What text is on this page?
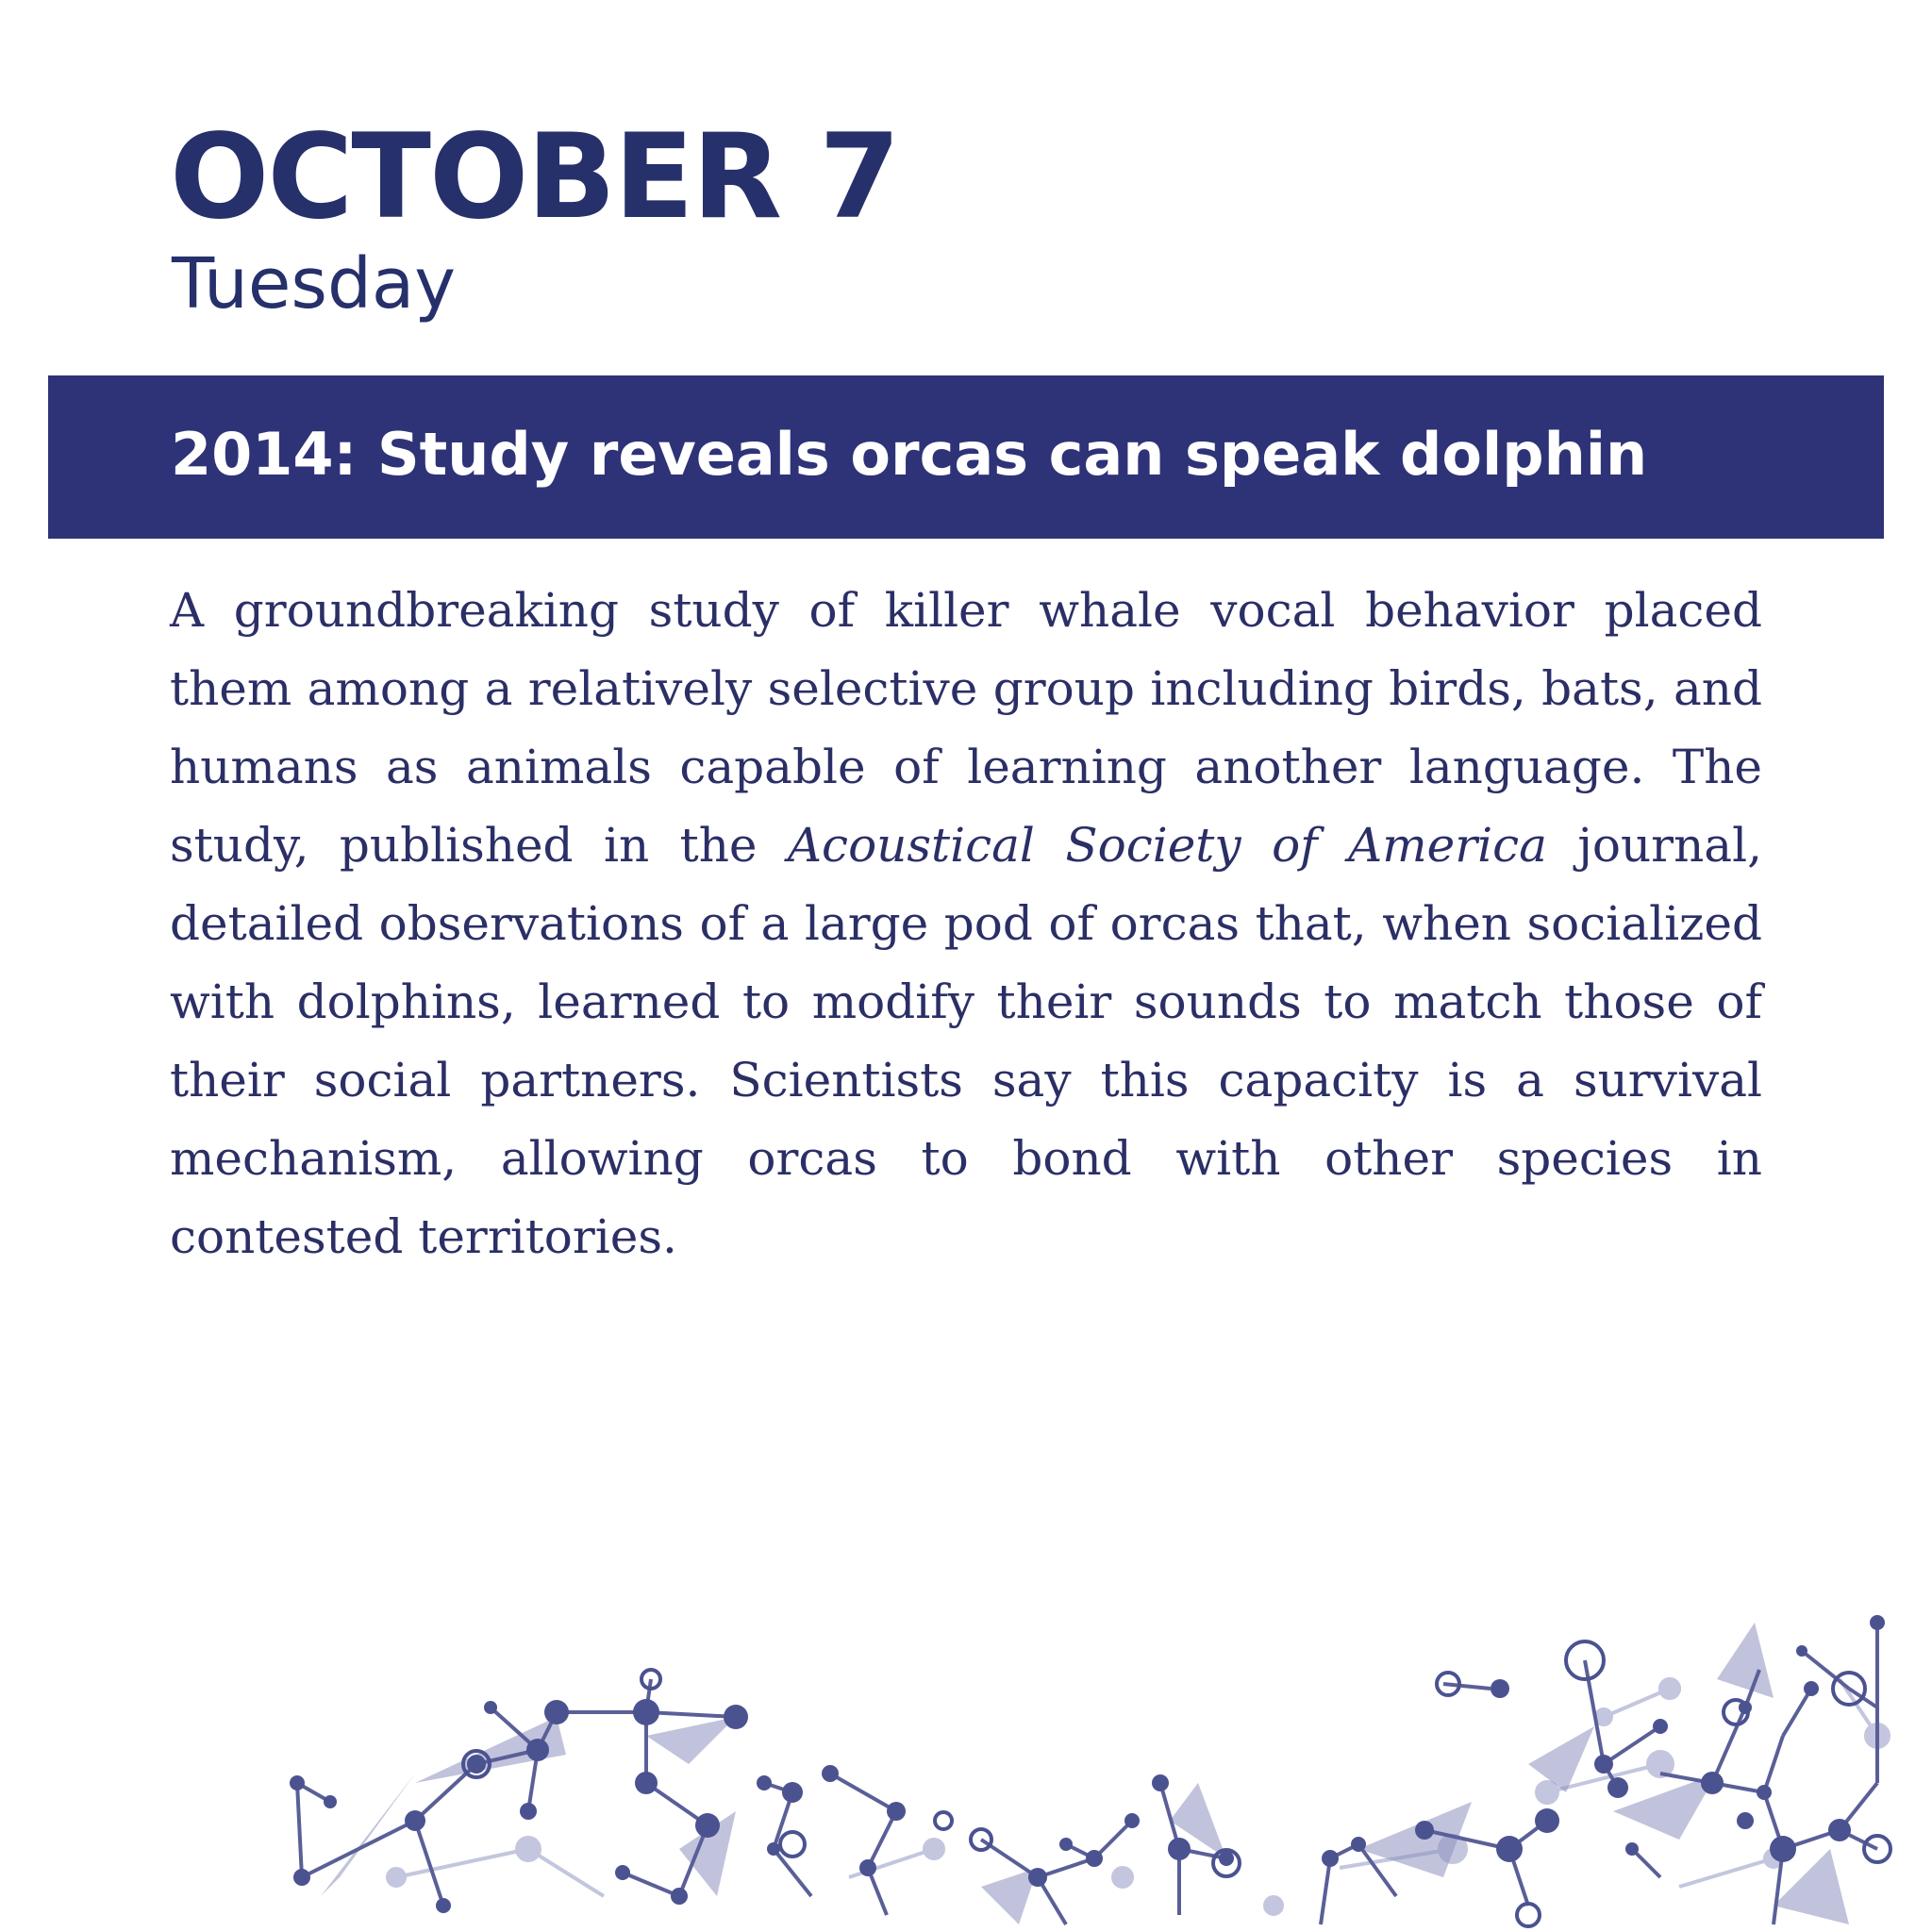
OCTOBER 7
Tuesday
2014: Study reveals orcas can speak dolphin
A groundbreaking study of killer whale vocal behavior placed them among a relatively selective group including birds, bats, and humans as animals capable of learning another language. The study, published in the Acoustical Society of America journal, detailed observations of a large pod of orcas that, when socialized with dolphins, learned to modify their sounds to match those of their social partners. Scientists say this capacity is a survival mechanism, allowing orcas to bond with other species in contested territories.
